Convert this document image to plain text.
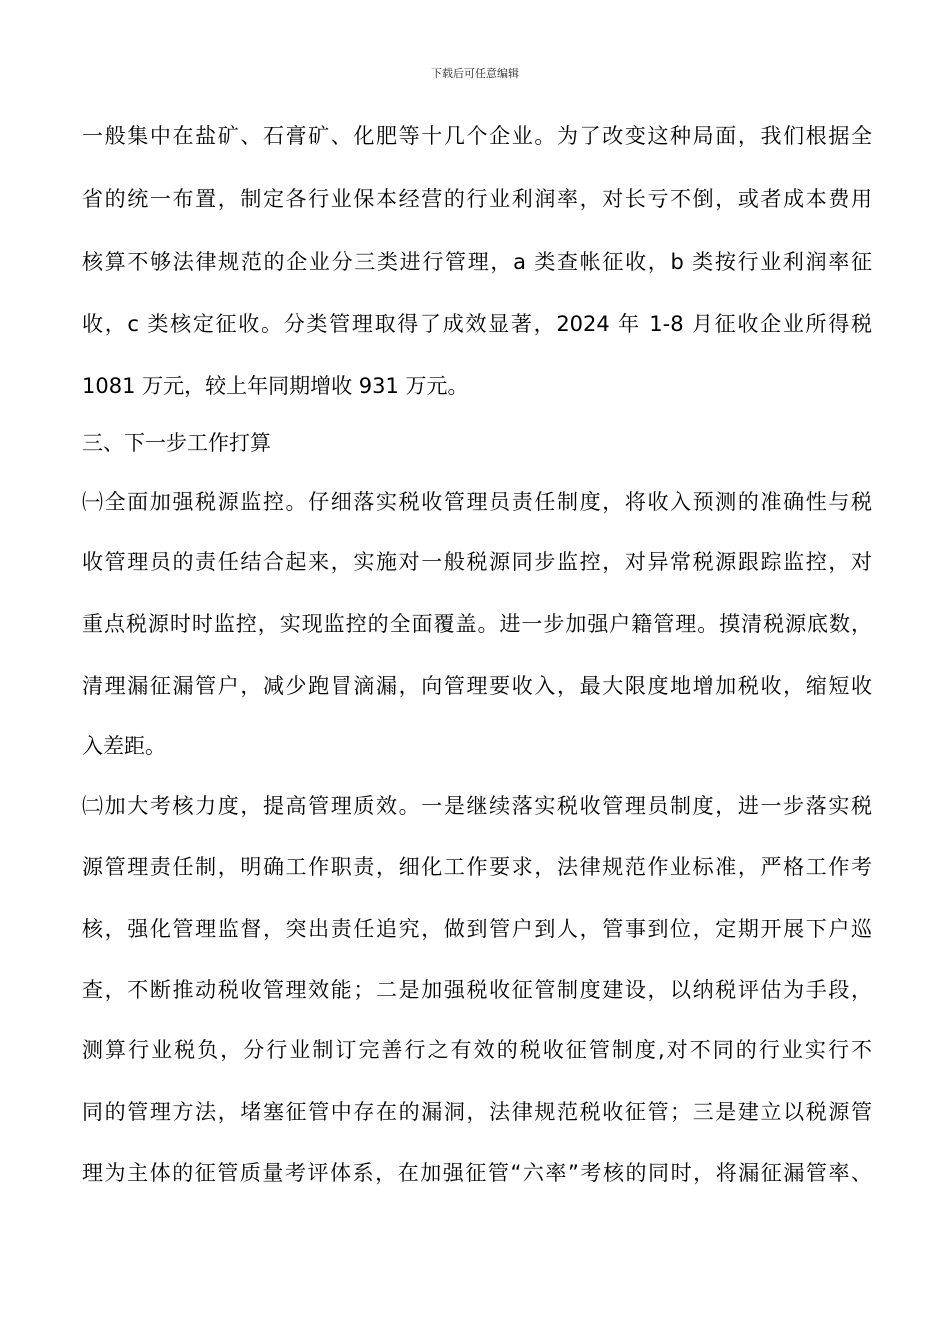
下载后可任意编辑
一般集中在盐矿、石膏矿、化肥等十几个企业。为了改变这种局面，我们根据全
省的统一布置，制定各行业保本经营的行业利润率，对长亏不倒，或者成本费用
核算不够法律规范的企业分三类进行管理，a 类查帐征收，b 类按行业利润率征
收，c 类核定征收。分类管理取得了成效显著，2024 年 1-8 月征收企业所得税
1081 万元，较上年同期增收 931 万元。
三、下一步工作打算
㈠全面加强税源监控。仔细落实税收管理员责任制度，将收入预测的准确性与税
收管理员的责任结合起来，实施对一般税源同步监控，对异常税源跟踪监控，对
重点税源时时监控，实现监控的全面覆盖。进一步加强户籍管理。摸清税源底数，
清理漏征漏管户，减少跑冒滴漏，向管理要收入，最大限度地增加税收，缩短收
入差距。
㈡加大考核力度，提高管理质效。一是继续落实税收管理员制度，进一步落实税
源管理责任制，明确工作职责，细化工作要求，法律规范作业标准，严格工作考
核，强化管理监督，突出责任追究，做到管户到人，管事到位，定期开展下户巡
查，不断推动税收管理效能；二是加强税收征管制度建设，以纳税评估为手段，
测算行业税负，分行业制订完善行之有效的税收征管制度,对不同的行业实行不
同的管理方法，堵塞征管中存在的漏洞，法律规范税收征管；三是建立以税源管
理为主体的征管质量考评体系，在加强征管“六率”考核的同时，将漏征漏管率、
